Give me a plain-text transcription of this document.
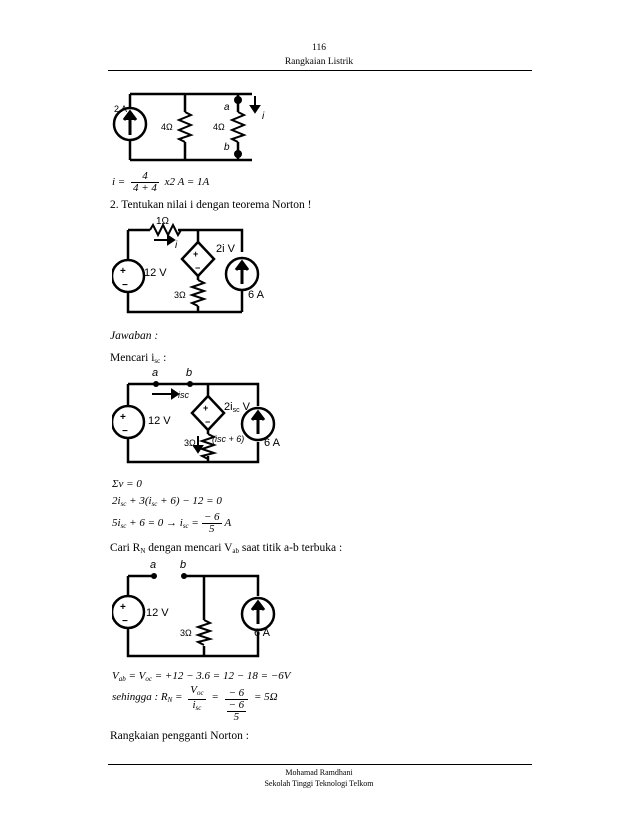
116
Rangkaian Listrik
2 A
4Ω	4Ω
a
b
i
$i = \frac{4}{4 + 4} x2$ A = 1A
2. Tentukan nilai i dengan teorema Norton !
+
−
+
−
1Ω
i
12 V
2i V
3Ω	6 A
Jawaban :
Mencari $i_{sc}$ :
+
−
+
−
a	b
isc
12 V
2isc V
3Ω (isc + 6) 6 A
Σv = 0
$2i_{sc} + 3(i_{sc} + 6) - 12 = 0$
$5i_{sc} + 6 = 0 \to i_{sc} = \frac{- 6}{5}$ A
Cari $R_N$ dengan mencari $V_{ab}$ saat titik a-b terbuka :
+
−
a b
12 V
3Ω	6 A
$V_{ab} = V_{oc} = +12 - 3.6 = 12 - 18 = -6V$
sehingga : $R_N = \frac{V_{oc}}{i_{sc}} = \frac{- 6}{\frac{- 6}{5}} = 5\Omega$
Rangkaian pengganti Norton :
Mohamad Ramdhani
Sekolah Tinggi Teknologi Telkom
